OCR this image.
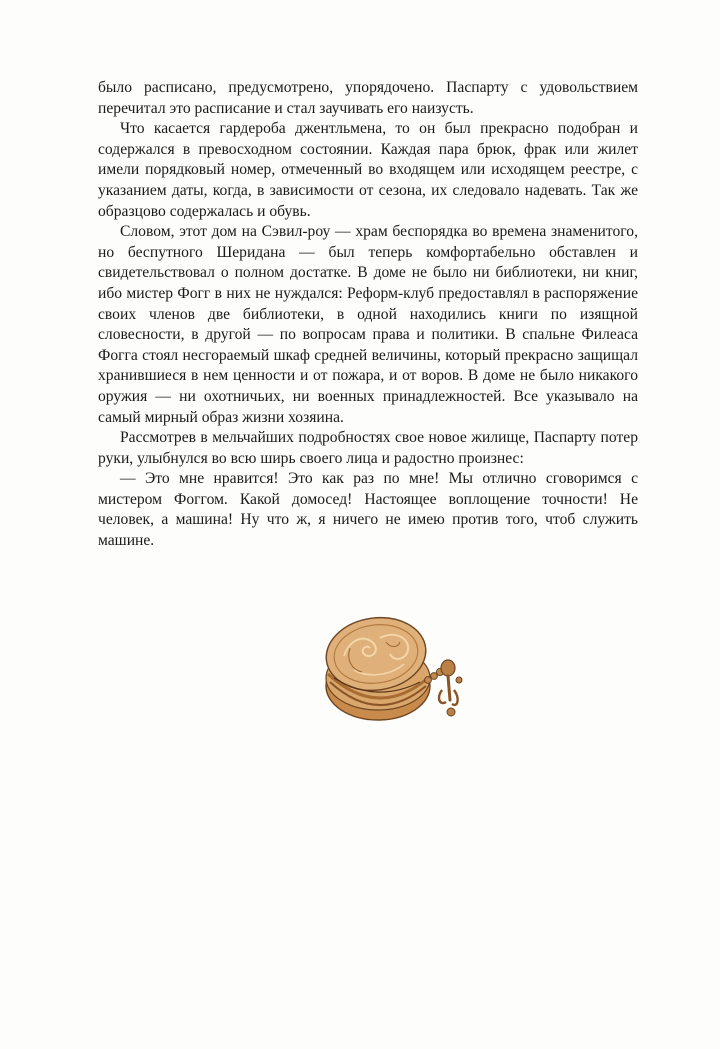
было расписано, предусмотрено, упорядочено. Паспарту с удовольствием перечитал это расписание и стал заучивать его наизусть.

Что касается гардероба джентльмена, то он был прекрасно подобран и содержался в превосходном состоянии. Каждая пара брюк, фрак или жилет имели порядковый номер, отмеченный во входящем или исходящем реестре, с указанием даты, когда, в зависимости от сезона, их следовало надевать. Так же образцово содержалась и обувь.

Словом, этот дом на Сэвил-роу — храм беспорядка во времена знаменитого, но беспутного Шеридана — был теперь комфортабельно обставлен и свидетельствовал о полном достатке. В доме не было ни библиотеки, ни книг, ибо мистер Фогг в них не нуждался: Реформ-клуб предоставлял в распоряжение своих членов две библиотеки, в одной находились книги по изящной словесности, в другой — по вопросам права и политики. В спальне Филеаса Фогга стоял несгораемый шкаф средней величины, который прекрасно защищал хранившиеся в нем ценности и от пожара, и от воров. В доме не было никакого оружия — ни охотничьих, ни военных принадлежностей. Все указывало на самый мирный образ жизни хозяина.

Рассмотрев в мельчайших подробностях свое новое жилище, Паспарту потер руки, улыбнулся во всю ширь своего лица и радостно произнес:

— Это мне нравится! Это как раз по мне! Мы отлично сговоримся с мистером Фоггом. Какой домосед! Настоящее воплощение точности! Не человек, а машина! Ну что ж, я ничего не имею против того, чтоб служить машине.
